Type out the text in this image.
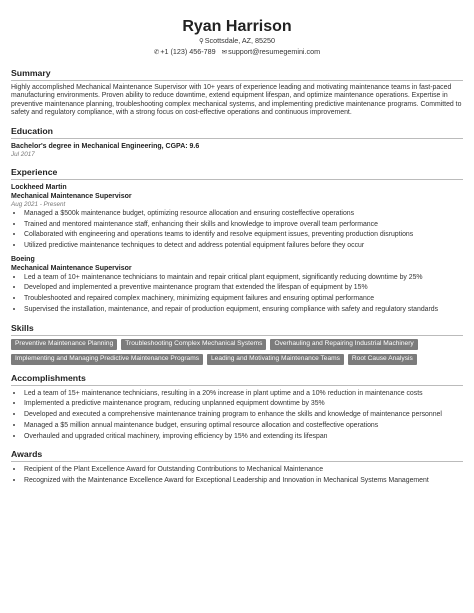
Ryan Harrison
⚲Scottsdale, AZ, 85250
✆+1 (123) 456-789 ✉support@resumegemini.com
Summary
Highly accomplished Mechanical Maintenance Supervisor with 10+ years of experience leading and motivating maintenance teams in fast-paced manufacturing environments. Proven ability to reduce downtime, extend equipment lifespan, and optimize maintenance operations. Expertise in preventive maintenance planning, troubleshooting complex mechanical systems, and implementing predictive maintenance programs. Committed to safety and regulatory compliance, with a strong focus on cost-effective operations and continuous improvement.
Education
Bachelor's degree in Mechanical Engineering, CGPA: 9.6
Jul 2017
Experience
Lockheed Martin
Mechanical Maintenance Supervisor
Aug 2021 - Present
• Managed a $500k maintenance budget, optimizing resource allocation and ensuring costeffective operations
• Trained and mentored maintenance staff, enhancing their skills and knowledge to improve overall team performance
• Collaborated with engineering and operations teams to identify and resolve equipment issues, preventing production disruptions
• Utilized predictive maintenance techniques to detect and address potential equipment failures before they occur
Boeing
Mechanical Maintenance Supervisor
• Led a team of 10+ maintenance technicians to maintain and repair critical plant equipment, significantly reducing downtime by 25%
• Developed and implemented a preventive maintenance program that extended the lifespan of equipment by 15%
• Troubleshooted and repaired complex machinery, minimizing equipment failures and ensuring optimal performance
• Supervised the installation, maintenance, and repair of production equipment, ensuring compliance with safety and regulatory standards
Skills
Preventive Maintenance Planning	Troubleshooting Complex Mechanical Systems	Overhauling and Repairing Industrial Machinery
Implementing and Managing Predictive Maintenance Programs	Leading and Motivating Maintenance Teams	Root Cause Analysis
Accomplishments
• Led a team of 15+ maintenance technicians, resulting in a 20% increase in plant uptime and a 10% reduction in maintenance costs
• Implemented a predictive maintenance program, reducing unplanned equipment downtime by 35%
• Developed and executed a comprehensive maintenance training program to enhance the skills and knowledge of maintenance personnel
• Managed a $5 million annual maintenance budget, ensuring optimal resource allocation and costeffective operations
• Overhauled and upgraded critical machinery, improving efficiency by 15% and extending its lifespan
Awards
• Recipient of the Plant Excellence Award for Outstanding Contributions to Mechanical Maintenance
• Recognized with the Maintenance Excellence Award for Exceptional Leadership and Innovation in Mechanical Systems Management
